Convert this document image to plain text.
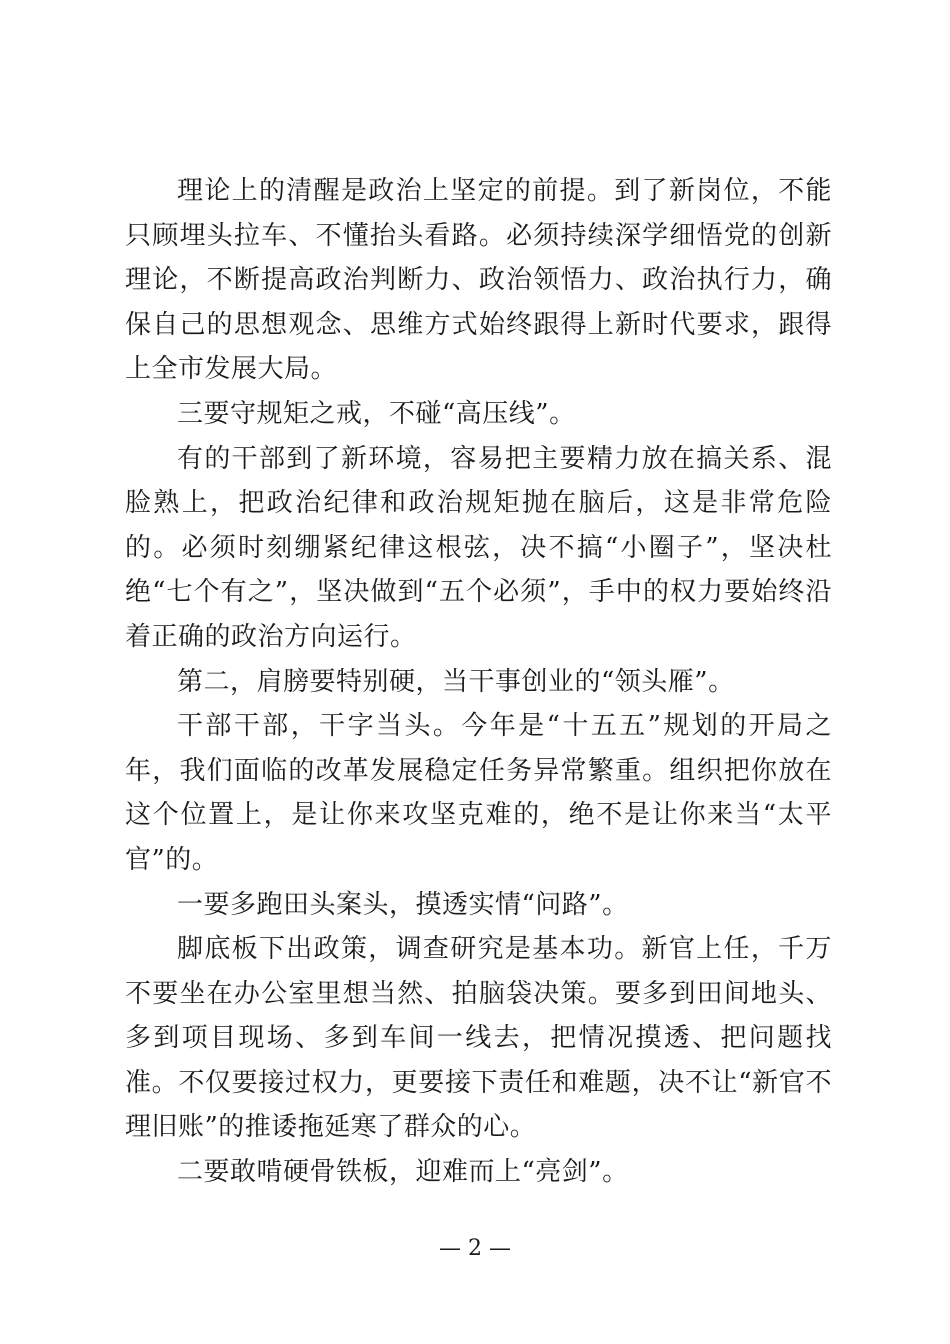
理论上的清醒是政治上坚定的前提。到了新岗位，不能只顾埋头拉车、不懂抬头看路。必须持续深学细悟党的创新理论，不断提高政治判断力、政治领悟力、政治执行力，确保自己的思想观念、思维方式始终跟得上新时代要求，跟得上全市发展大局。

三要守规矩之戒，不碰“高压线”。

有的干部到了新环境，容易把主要精力放在搞关系、混脸熟上，把政治纪律和政治规矩抛在脑后，这是非常危险的。必须时刻绷紧纪律这根弦，决不搞“小圈子”，坚决杜绝“七个有之”，坚决做到“五个必须”，手中的权力要始终沿着正确的政治方向运行。

第二，肩膀要特别硬，当干事创业的“领头雁”。

干部干部，干字当头。今年是“十五五”规划的开局之年，我们面临的改革发展稳定任务异常繁重。组织把你放在这个位置上，是让你来攻坚克难的，绝不是让你来当“太平官”的。

一要多跑田头案头，摸透实情“问路”。

脚底板下出政策，调查研究是基本功。新官上任，千万不要坐在办公室里想当然、拍脑袋决策。要多到田间地头、多到项目现场、多到车间一线去，把情况摸透、把问题找准。不仅要接过权力，更要接下责任和难题，决不让“新官不理旧账”的推诿拖延寒了群众的心。

二要敢啃硬骨铁板，迎难而上“亮剑”。

— 2 —
